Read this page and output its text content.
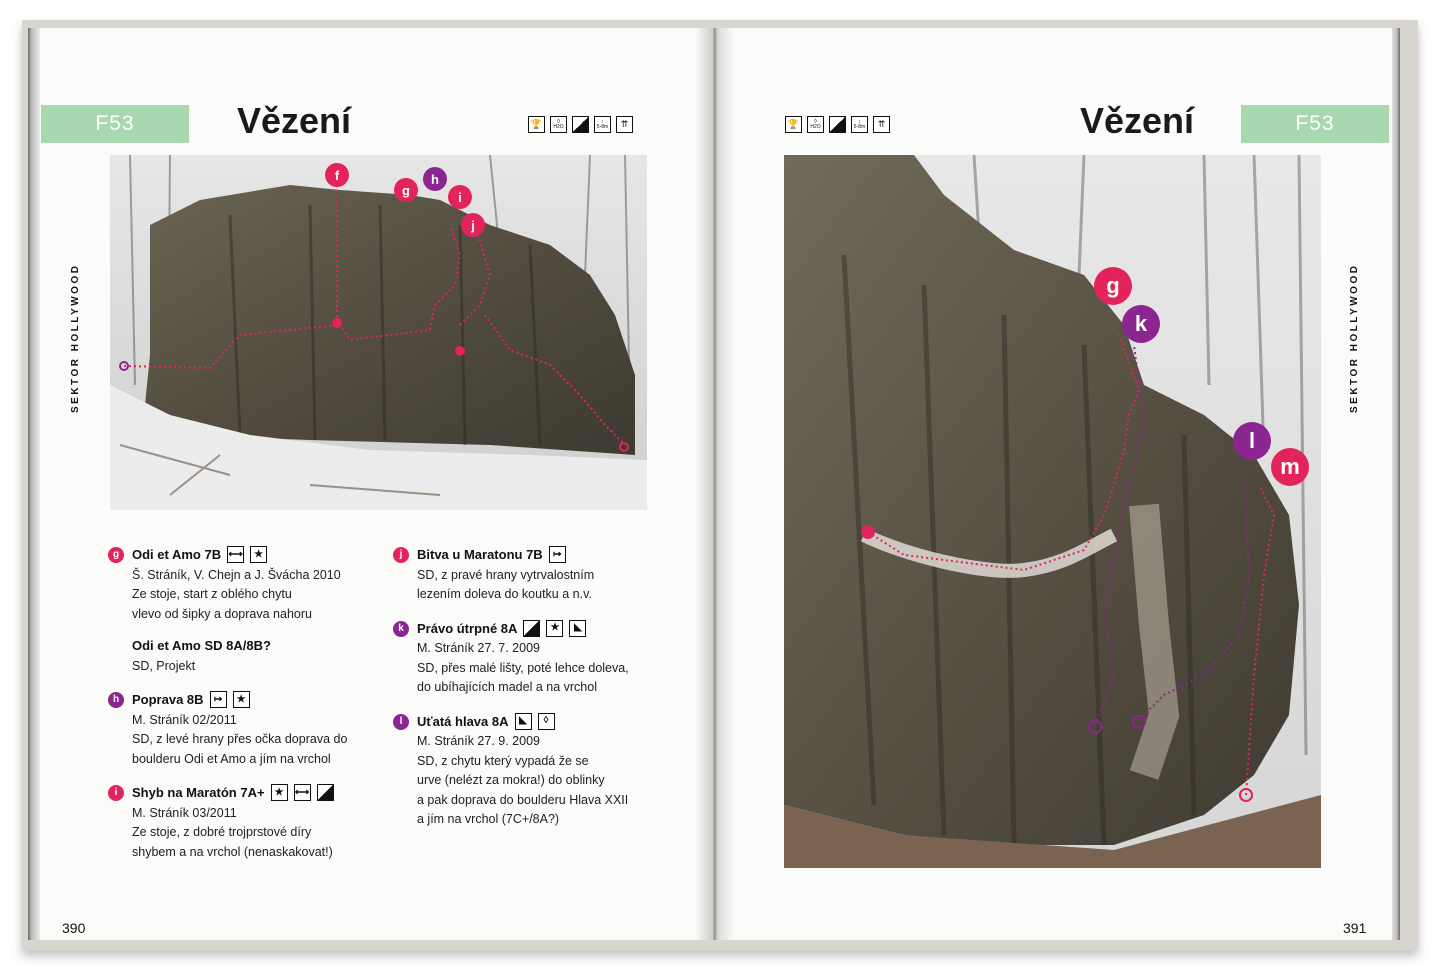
F53	Vězení	🏆	◊
H2O
↕
5-8m	⇈
SEKTOR HOLLYWOOD
f
g
h
i
j
g Odi et Amo 7B ⟷	★
Š. Stráník, V. Chejn a J. Švácha 2010
Ze stoje, start z oblého chytu
vlevo od šipky a doprava nahoru
Odi et Amo SD 8A/8B?
SD, Projekt
h Poprava 8B	↦	★
M. Stráník 02/2011
SD, z levé hrany přes očka doprava do
boulderu Odi et Amo a jím na vrchol
i	Shyb na Maratón 7A+	★	⟷
M. Stráník 03/2011
Ze stoje, z dobré trojprstové díry
shybem a na vrchol (nenaskakovat!)
j	Bitva u Maratonu 7B	↦
SD, z pravé hrany vytrvalostním
lezením doleva do koutku a n.v.
k	Právo útrpné 8A	★	◣
M. Stráník 27. 7. 2009
SD, přes malé lišty, poté lehce doleva,
do ubíhajících madel a na vrchol
l	Uťatá hlava 8A	◣	◊
M. Stráník 27. 9. 2009
SD, z chytu který vypadá že se
urve (nelézt za mokra!) do oblinky
a pak doprava do boulderu Hlava XXII
a jím na vrchol (7C+/8A?)
390
🏆	◊
H2O
↕
5-8m	⇈	Vězení	F53
SEKTOR HOLLYWOOD
g
k
l
m
391
